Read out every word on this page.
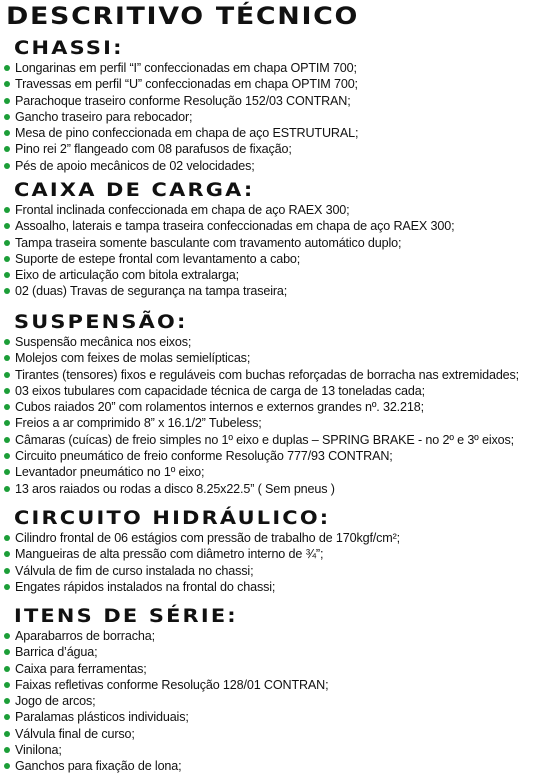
DESCRITIVO TÉCNICO
CHASSI:
Longarinas em perfil “I” confeccionadas em chapa OPTIM 700;
Travessas em perfil “U” confeccionadas em chapa OPTIM 700;
Parachoque traseiro conforme Resolução 152/03 CONTRAN;
Gancho traseiro para rebocador;
Mesa de pino confeccionada em chapa de aço ESTRUTURAL;
Pino rei 2” flangeado com 08 parafusos de fixação;
Pés de apoio mecânicos de 02 velocidades;
CAIXA DE CARGA:
Frontal inclinada confeccionada em chapa de aço RAEX 300;
Assoalho, laterais e tampa traseira confeccionadas em chapa de aço RAEX 300;
Tampa traseira somente basculante com travamento automático duplo;
Suporte de estepe frontal com levantamento a cabo;
Eixo de articulação com bitola extralarga;
02 (duas) Travas de segurança na tampa traseira;
SUSPENSÃO:
Suspensão mecânica nos eixos;
Molejos com feixes de molas semielípticas;
Tirantes (tensores) fixos e reguláveis com buchas reforçadas de borracha nas extremidades;
03 eixos tubulares com capacidade técnica de carga de 13 toneladas cada;
Cubos raiados 20” com rolamentos internos e externos grandes nº. 32.218;
Freios a ar comprimido 8” x 16.1/2” Tubeless;
Câmaras (cuícas) de freio simples no 1º eixo e duplas – SPRING BRAKE - no 2º e 3º eixos;
Circuito pneumático de freio conforme Resolução 777/93 CONTRAN;
Levantador pneumático no 1º eixo;
13 aros raiados ou rodas a disco 8.25x22.5” ( Sem pneus )
CIRCUITO HIDRÁULICO:
Cilindro frontal de 06 estágios com pressão de trabalho de 170kgf/cm²;
Mangueiras de alta pressão com diâmetro interno de ¾”;
Válvula de fim de curso instalada no chassi;
Engates rápidos instalados na frontal do chassi;
ITENS DE SÉRIE:
Aparabarros de borracha;
Barrica d’água;
Caixa para ferramentas;
Faixas refletivas conforme Resolução 128/01 CONTRAN;
Jogo de arcos;
Paralamas plásticos individuais;
Válvula final de curso;
Vinilona;
Ganchos para fixação de lona;
